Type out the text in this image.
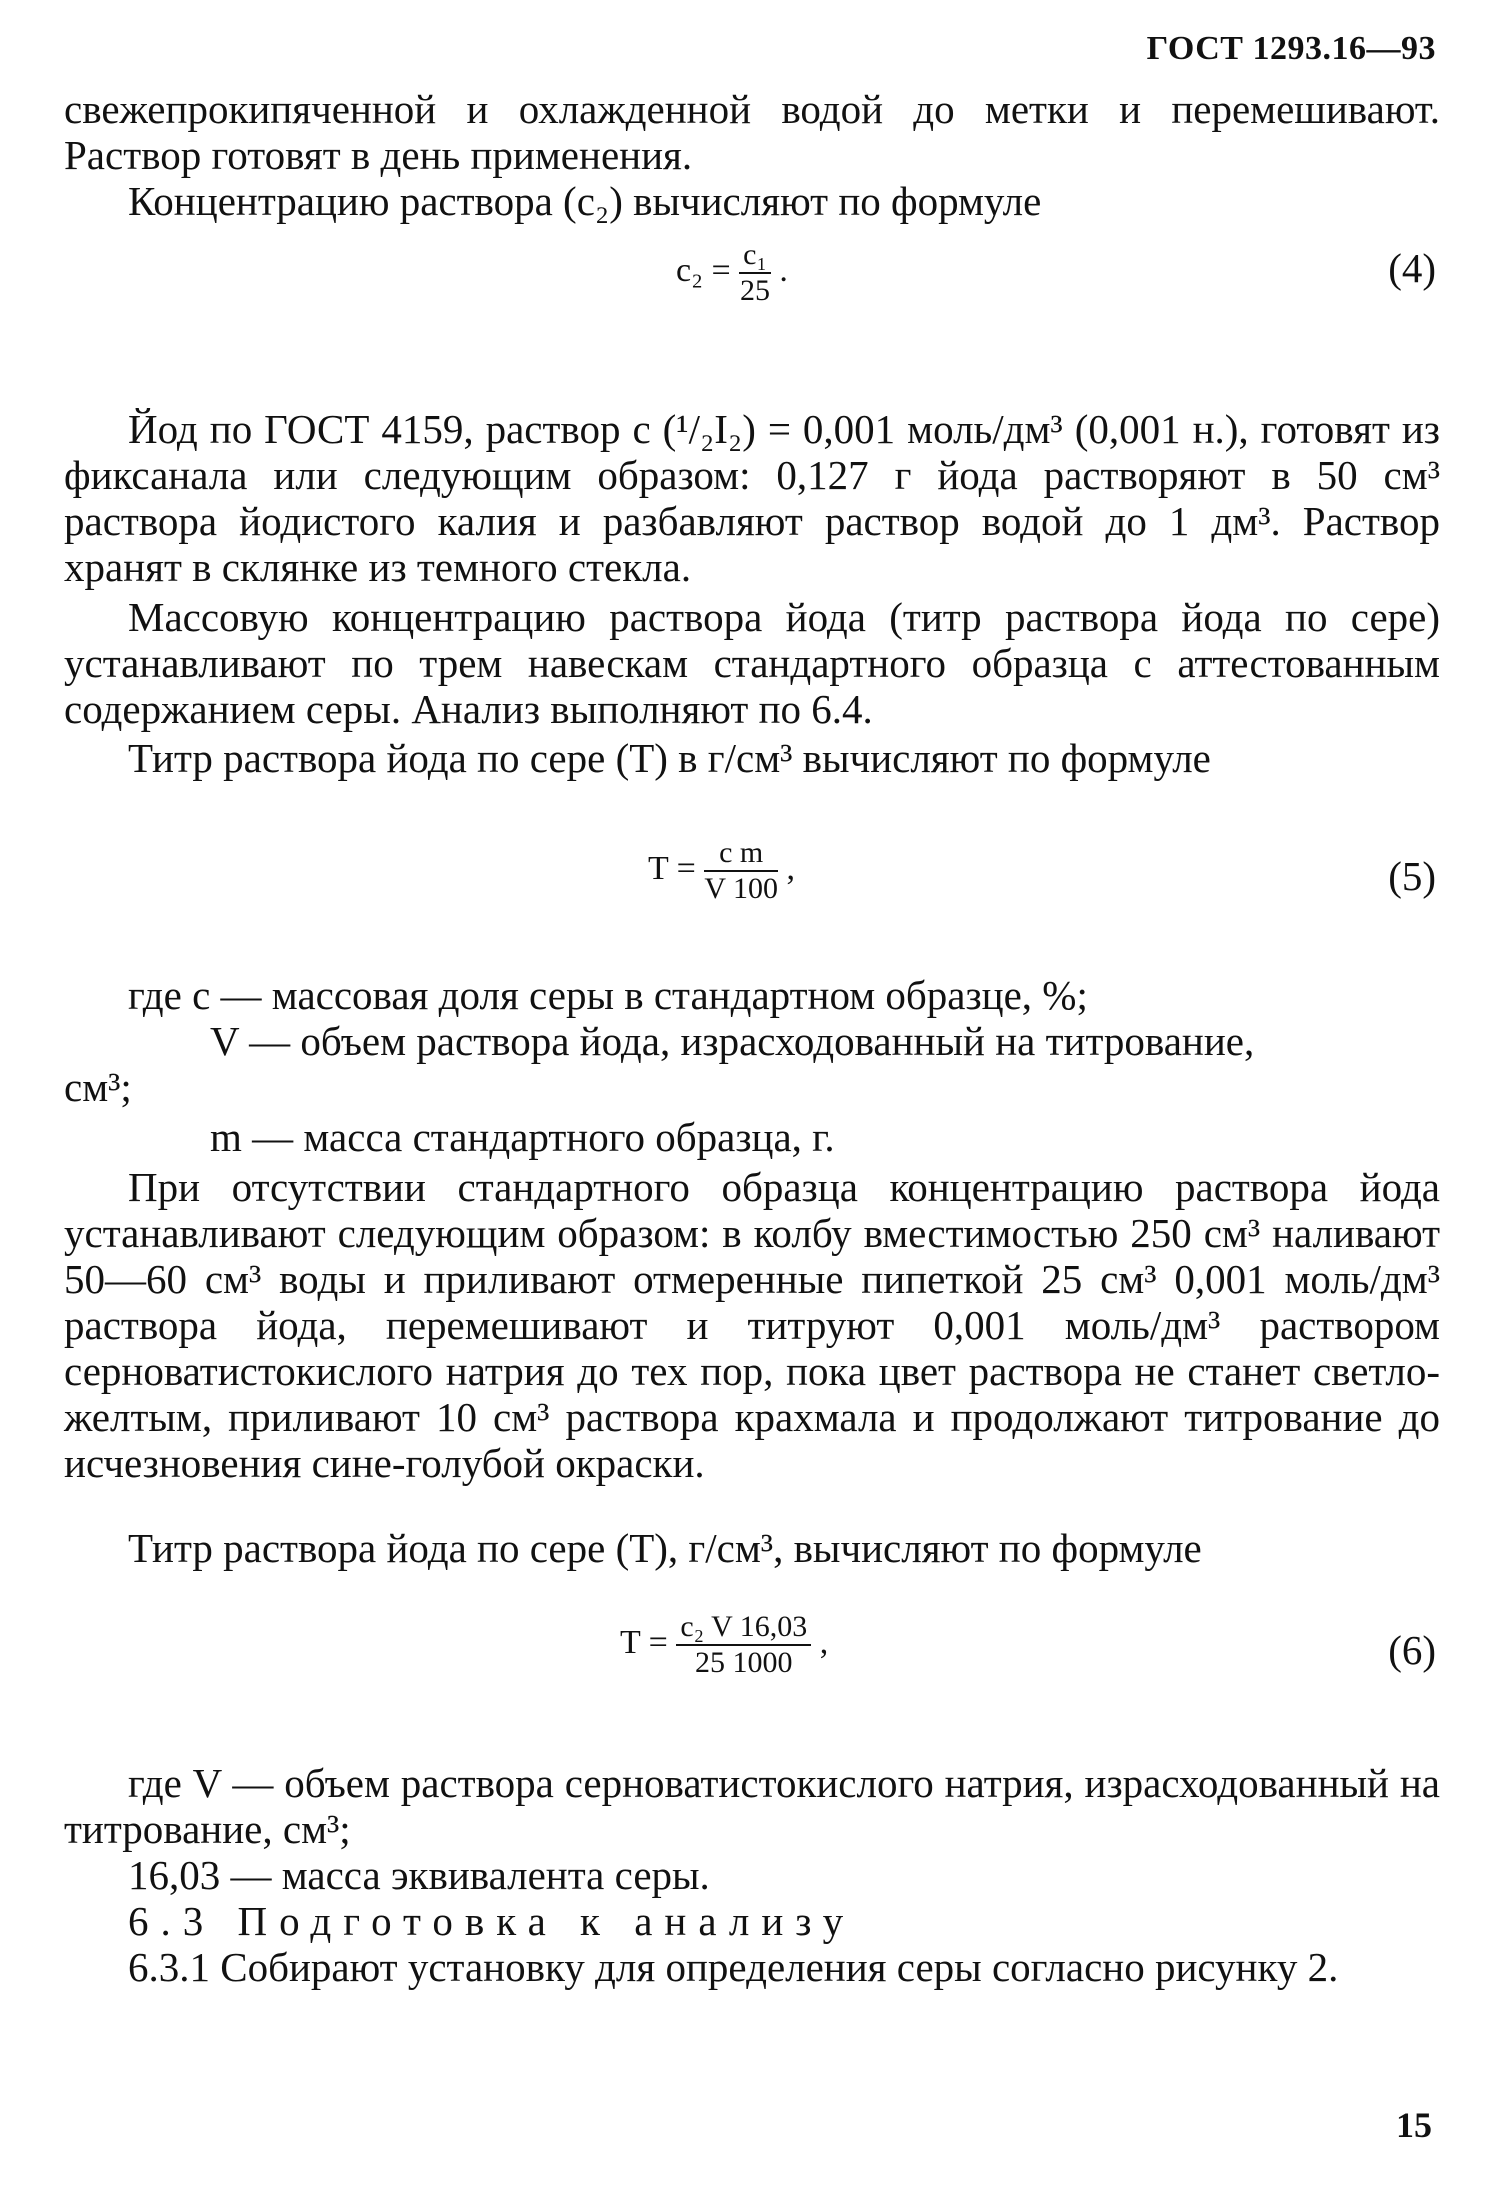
ГОСТ 1293.16—93
свежепрокипяченной и охлажденной водой до метки и перемешивают. Раствор готовят в день применения.
Концентрацию раствора (c₂) вычисляют по формуле
$c_2 = \frac{\text{c₁}}{25}$ .	(4)
Йод по ГОСТ 4159, раствор c (¹/₂I₂) = 0,001 моль/дм³ (0,001 н.), готовят из фиксанала или следующим образом: 0,127 г йода растворяют в 50 см³ раствора йодистого калия и разбавляют раствор водой до 1 дм³. Раствор хранят в склянке из темного стекла.
Массовую концентрацию раствора йода (титр раствора йода по сере) устанавливают по трем навескам стандартного образца с аттестованным содержанием серы. Анализ выполняют по 6.4.
Титр раствора йода по сере (T) в г/см³ вычисляют по формуле
$T = \frac{\text{c m}}{V 100}$ ,	(5)
где c — массовая доля серы в стандартном образце, %;
V — объем раствора йода, израсходованный на титрование,
см³;
m — масса стандартного образца, г.
При отсутствии стандартного образца концентрацию раствора йода устанавливают следующим образом: в колбу вместимостью 250 см³ наливают 50—60 см³ воды и приливают отмеренные пипеткой 25 см³ 0,001 моль/дм³ раствора йода, перемешивают и титруют 0,001 моль/дм³ раствором серноватистокислого натрия до тех пор, пока цвет раствора не станет светло-желтым, приливают 10 см³ раствора крахмала и продолжают титрование до исчезновения сине-голубой окраски.
Титр раствора йода по сере (T), г/см³, вычисляют по формуле
$T = \frac{\text{c₂ V 16,03}}{25 1000}$ ,	(6)
где V — объем раствора серноватистокислого натрия, израсходованный на титрование, см³;
16,03 — масса эквивалента серы.
6.3 Подготовка к анализу
6.3.1 Собирают установку для определения серы согласно рисунку 2.
15
